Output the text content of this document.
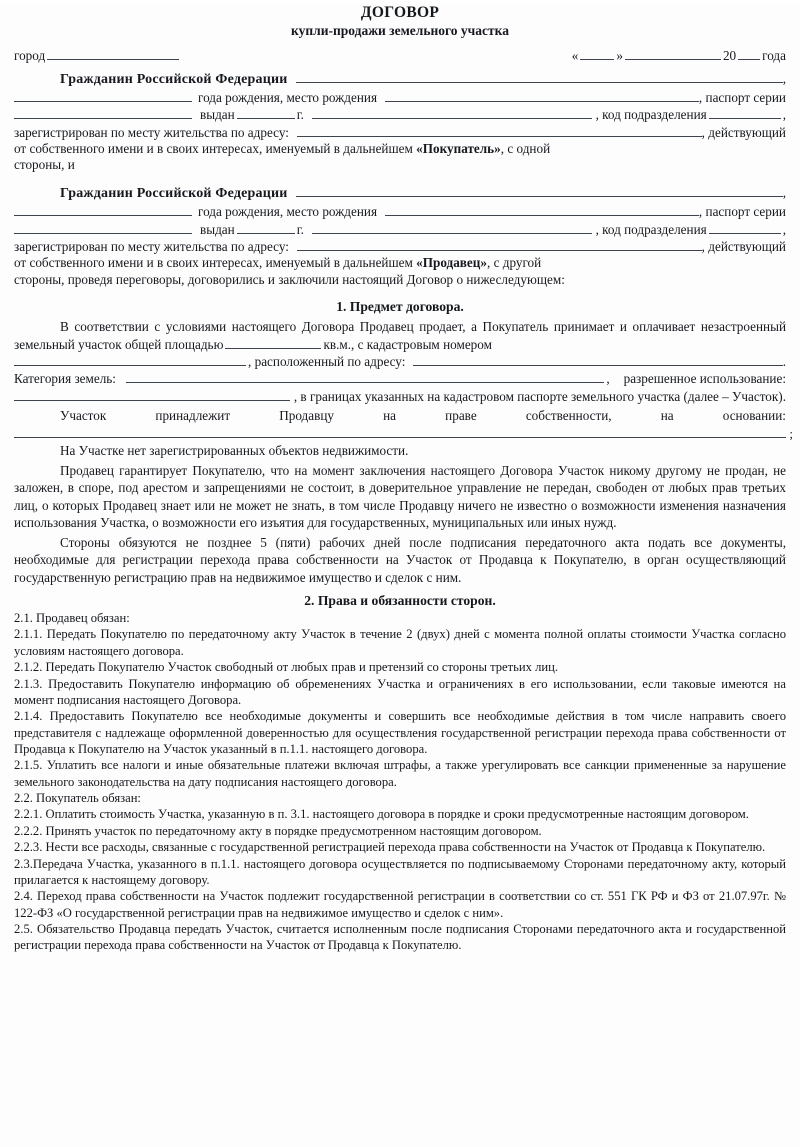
ДОГОВОР
купли-продажи земельного участка
город	«	»	20 года
Гражданин Российской Федерации	,
года рождения, место рождения	, паспорт серии
выдан	г.	, код подразделения	,
зарегистрирован по месту жительства по адресу:	, действующий
от собственного имени и в своих интересах, именуемый в дальнейшем «Покупатель», с одной
стороны, и
Гражданин Российской Федерации	,
года рождения, место рождения	, паспорт серии
выдан	г.	, код подразделения	,
зарегистрирован по месту жительства по адресу:	, действующий
от собственного имени и в своих интересах, именуемый в дальнейшем «Продавец», с другой
стороны, проведя переговоры, договорились и заключили настоящий Договор о нижеследующем:
1. Предмет договора.
В соответствии с условиями настоящего Договора Продавец продает, а Покупатель принимает и оплачивает незастроенный земельный участок общей площадью	кв.м., с кадастровым номером
, расположенный по адресу:	.
Категория земель:	, разрешенное использование:
, в границах указанных на кадастровом паспорте земельного участка (далее – Участок).
Участок	принадлежит	Продавцу	на	праве	собственности,	на	основании:
;
На Участке нет зарегистрированных объектов недвижимости.
Продавец гарантирует Покупателю, что на момент заключения настоящего Договора Участок никому другому не продан, не заложен, в споре, под арестом и запрещениями не состоит, в доверительное управление не передан, свободен от любых прав третьих лиц, о которых Продавец знает или не может не знать, в том числе Продавцу ничего не известно о возможности изменения назначения использования Участка, о возможности его изъятия для государственных, муниципальных или иных нужд.
Стороны обязуются не позднее 5 (пяти) рабочих дней после подписания передаточного акта подать все документы, необходимые для регистрации перехода права собственности на Участок от Продавца к Покупателю, в орган осуществляющий государственную регистрацию прав на недвижимое имущество и сделок с ним.
2. Права и обязанности сторон.
2.1. Продавец обязан:
2.1.1. Передать Покупателю по передаточному акту Участок в течение 2 (двух) дней с момента полной оплаты стоимости Участка согласно условиям настоящего договора.
2.1.2. Передать Покупателю Участок свободный от любых прав и претензий со стороны третьих лиц.
2.1.3. Предоставить Покупателю информацию об обременениях Участка и ограничениях в его использовании, если таковые имеются на момент подписания настоящего Договора.
2.1.4. Предоставить Покупателю все необходимые документы и совершить все необходимые действия в том числе направить своего представителя с надлежаще оформленной доверенностью для осуществления государственной регистрации перехода права собственности от Продавца к Покупателю на Участок указанный в п.1.1. настоящего договора.
2.1.5. Уплатить все налоги и иные обязательные платежи включая штрафы, а также урегулировать все санкции примененные за нарушение земельного законодательства на дату подписания настоящего договора.
2.2. Покупатель обязан:
2.2.1. Оплатить стоимость Участка, указанную в п. 3.1. настоящего договора в порядке и сроки предусмотренные настоящим договором.
2.2.2. Принять участок по передаточному акту в порядке предусмотренном настоящим договором.
2.2.3. Нести все расходы, связанные с государственной регистрацией перехода права собственности на Участок от Продавца к Покупателю.
2.3.Передача Участка, указанного в п.1.1. настоящего договора осуществляется по подписываемому Сторонами передаточному акту, который прилагается к настоящему договору.
2.4. Переход права собственности на Участок подлежит государственной регистрации в соответствии со ст. 551 ГК РФ и ФЗ от 21.07.97г. № 122-ФЗ «О государственной регистрации прав на недвижимое имущество и сделок с ним».
2.5. Обязательство Продавца передать Участок, считается исполненным после подписания Сторонами передаточного акта и государственной регистрации перехода права собственности на Участок от Продавца к Покупателю.
